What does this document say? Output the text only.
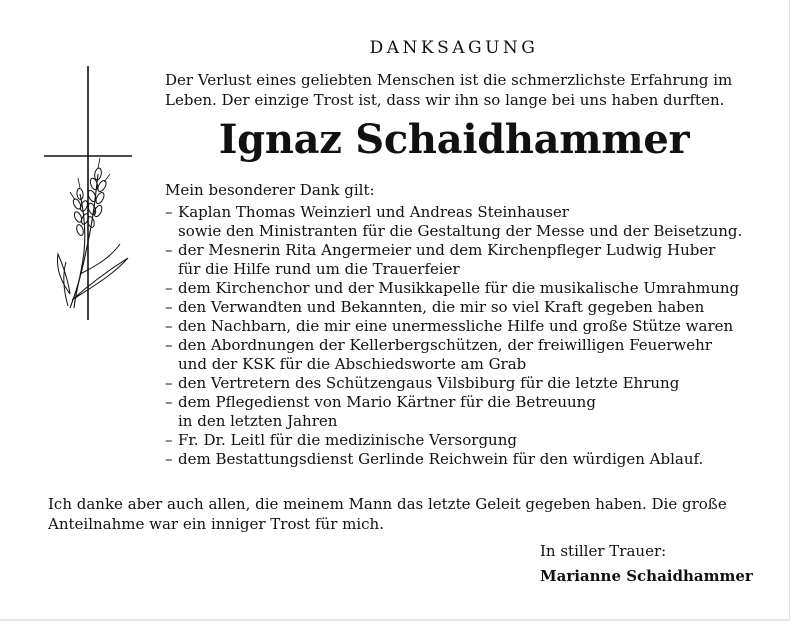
DANKSAGUNG
Der Verlust eines geliebten Menschen ist die schmerzlichste Erfahrung im Leben. Der einzige Trost ist, dass wir ihn so lange bei uns haben durften.
Ignaz Schaidhammer
Mein besonderer Dank gilt:
– Kaplan Thomas Weinzierl und Andreas Steinhauser
sowie den Ministranten für die Gestaltung der Messe und der Beisetzung.
– der Mesnerin Rita Angermeier und dem Kirchenpfleger Ludwig Huber
für die Hilfe rund um die Trauerfeier
– dem Kirchenchor und der Musikkapelle für die musikalische Umrahmung
– den Verwandten und Bekannten, die mir so viel Kraft gegeben haben
– den Nachbarn, die mir eine unermessliche Hilfe und große Stütze waren
– den Abordnungen der Kellerbergschützen, der freiwilligen Feuerwehr
und der KSK für die Abschiedsworte am Grab
– den Vertretern des Schützengaus Vilsbiburg für die letzte Ehrung
– dem Pflegedienst von Mario Kärtner für die Betreuung
in den letzten Jahren
– Fr. Dr. Leitl für die medizinische Versorgung
– dem Bestattungsdienst Gerlinde Reichwein für den würdigen Ablauf.
Ich danke aber auch allen, die meinem Mann das letzte Geleit gegeben haben. Die große Anteilnahme war ein inniger Trost für mich.
In stiller Trauer:
Marianne Schaidhammer
